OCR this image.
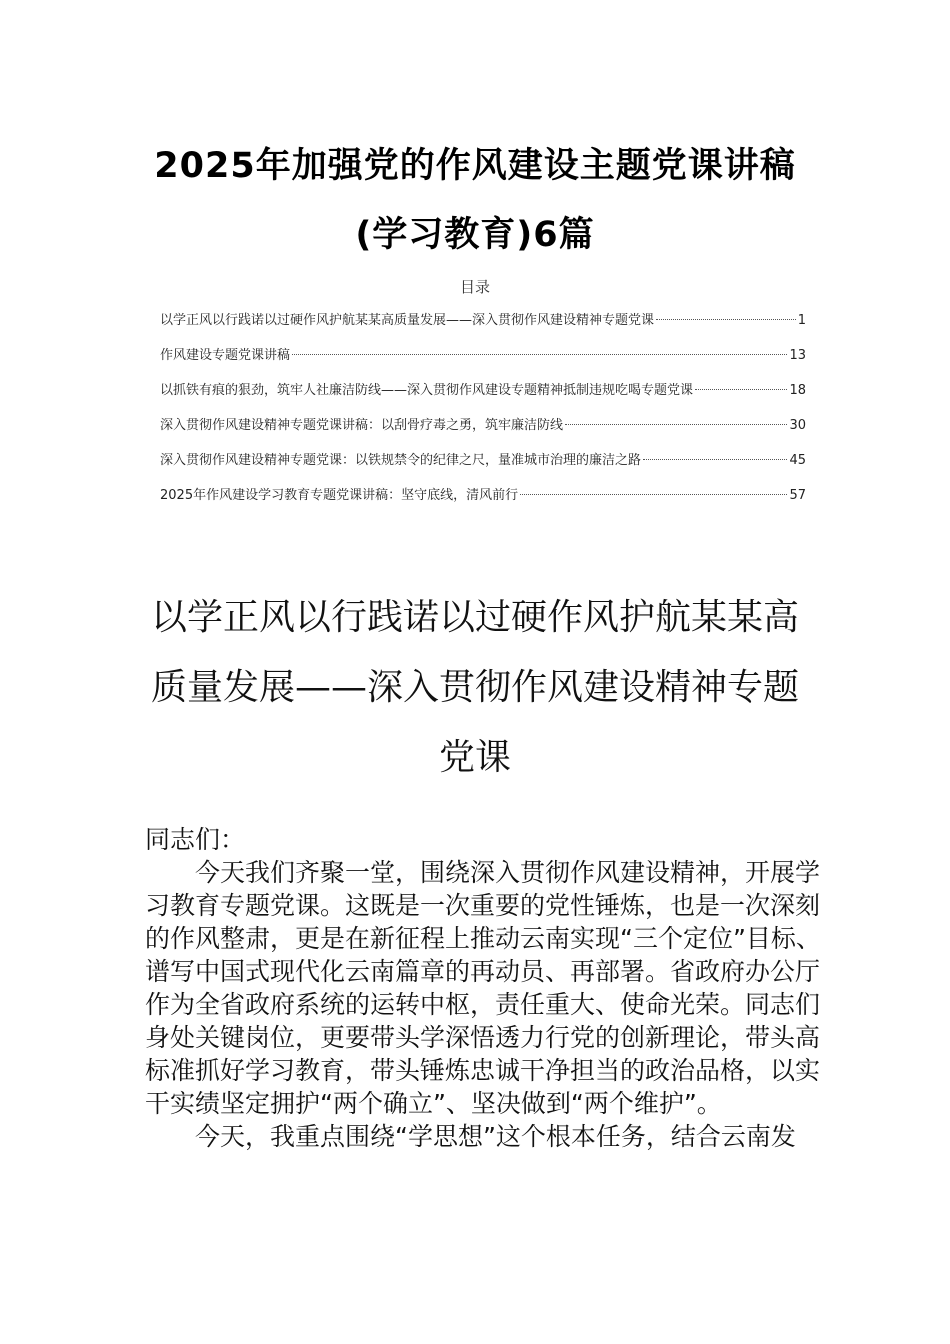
2025年加强党的作风建设主题党课讲稿
(学习教育)6篇
目录
以学正风以行践诺以过硬作风护航某某高质量发展——深入贯彻作风建设精神专题党课	1
作风建设专题党课讲稿	13
以抓铁有痕的狠劲，筑牢人社廉洁防线——深入贯彻作风建设专题精神抵制违规吃喝专题党课	18
深入贯彻作风建设精神专题党课讲稿：以刮骨疗毒之勇，筑牢廉洁防线	30
深入贯彻作风建设精神专题党课：以铁规禁令的纪律之尺，量准城市治理的廉洁之路	45
2025年作风建设学习教育专题党课讲稿：坚守底线，清风前行	57
以学正风以行践诺以过硬作风护航某某高
质量发展——深入贯彻作风建设精神专题
党课

同志们：

今天我们齐聚一堂，围绕深入贯彻作风建设精神，开展学习教育专题党课。这既是一次重要的党性锤炼，也是一次深刻的作风整肃，更是在新征程上推动云南实现“三个定位”目标、谱写中国式现代化云南篇章的再动员、再部署。省政府办公厅作为全省政府系统的运转中枢，责任重大、使命光荣。同志们身处关键岗位，更要带头学深悟透力行党的创新理论，带头高标准抓好学习教育，带头锤炼忠诚干净担当的政治品格，以实干实绩坚定拥护“两个确立”、坚决做到“两个维护”。

今天，我重点围绕“学思想”这个根本任务，结合云南发
